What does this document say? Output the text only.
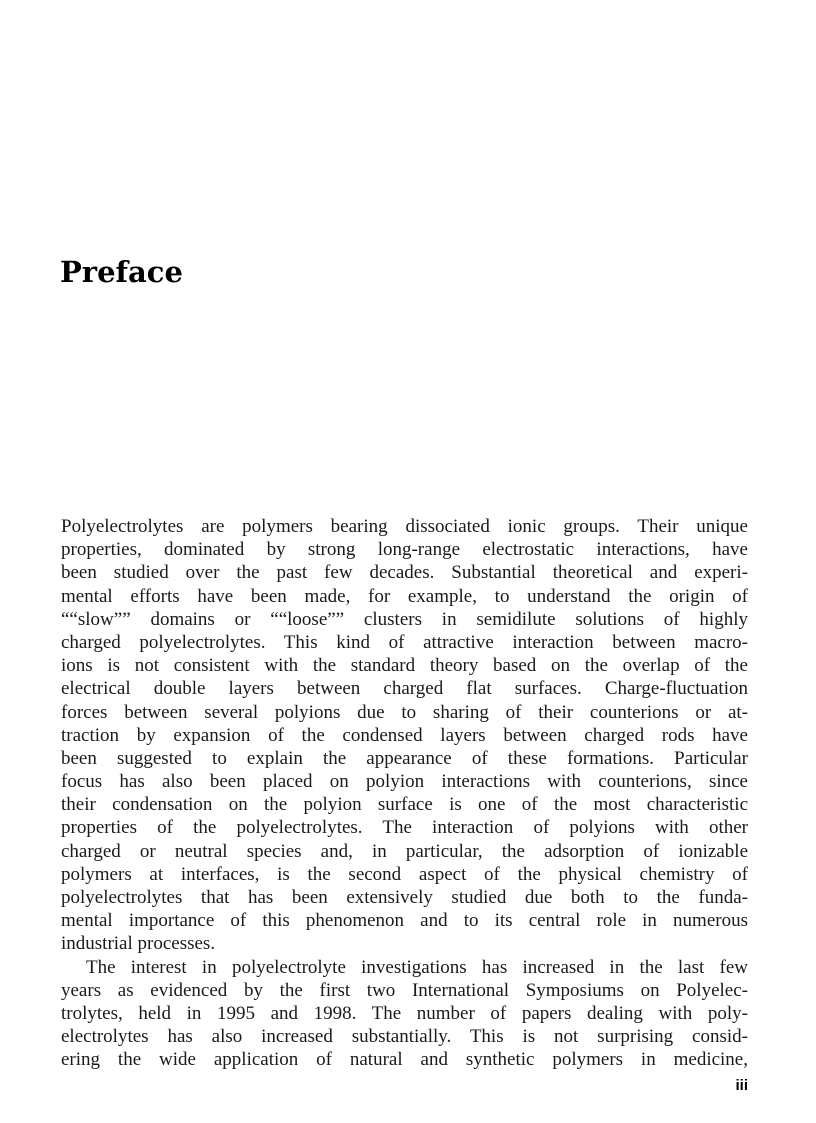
Preface
Polyelectrolytes are polymers bearing dissociated ionic groups. Their unique
properties, dominated by strong long-range electrostatic interactions, have
been studied over the past few decades. Substantial theoretical and experi-
mental efforts have been made, for example, to understand the origin of
““slow”” domains or ““loose”” clusters in semidilute solutions of highly
charged polyelectrolytes. This kind of attractive interaction between macro-
ions is not consistent with the standard theory based on the overlap of the
electrical double layers between charged flat surfaces. Charge-fluctuation
forces between several polyions due to sharing of their counterions or at-
traction by expansion of the condensed layers between charged rods have
been suggested to explain the appearance of these formations. Particular
focus has also been placed on polyion interactions with counterions, since
their condensation on the polyion surface is one of the most characteristic
properties of the polyelectrolytes. The interaction of polyions with other
charged or neutral species and, in particular, the adsorption of ionizable
polymers at interfaces, is the second aspect of the physical chemistry of
polyelectrolytes that has been extensively studied due both to the funda-
mental importance of this phenomenon and to its central role in numerous
industrial processes.
The interest in polyelectrolyte investigations has increased in the last few
years as evidenced by the first two International Symposiums on Polyelec-
trolytes, held in 1995 and 1998. The number of papers dealing with poly-
electrolytes has also increased substantially. This is not surprising consid-
ering the wide application of natural and synthetic polymers in medicine,
iii
